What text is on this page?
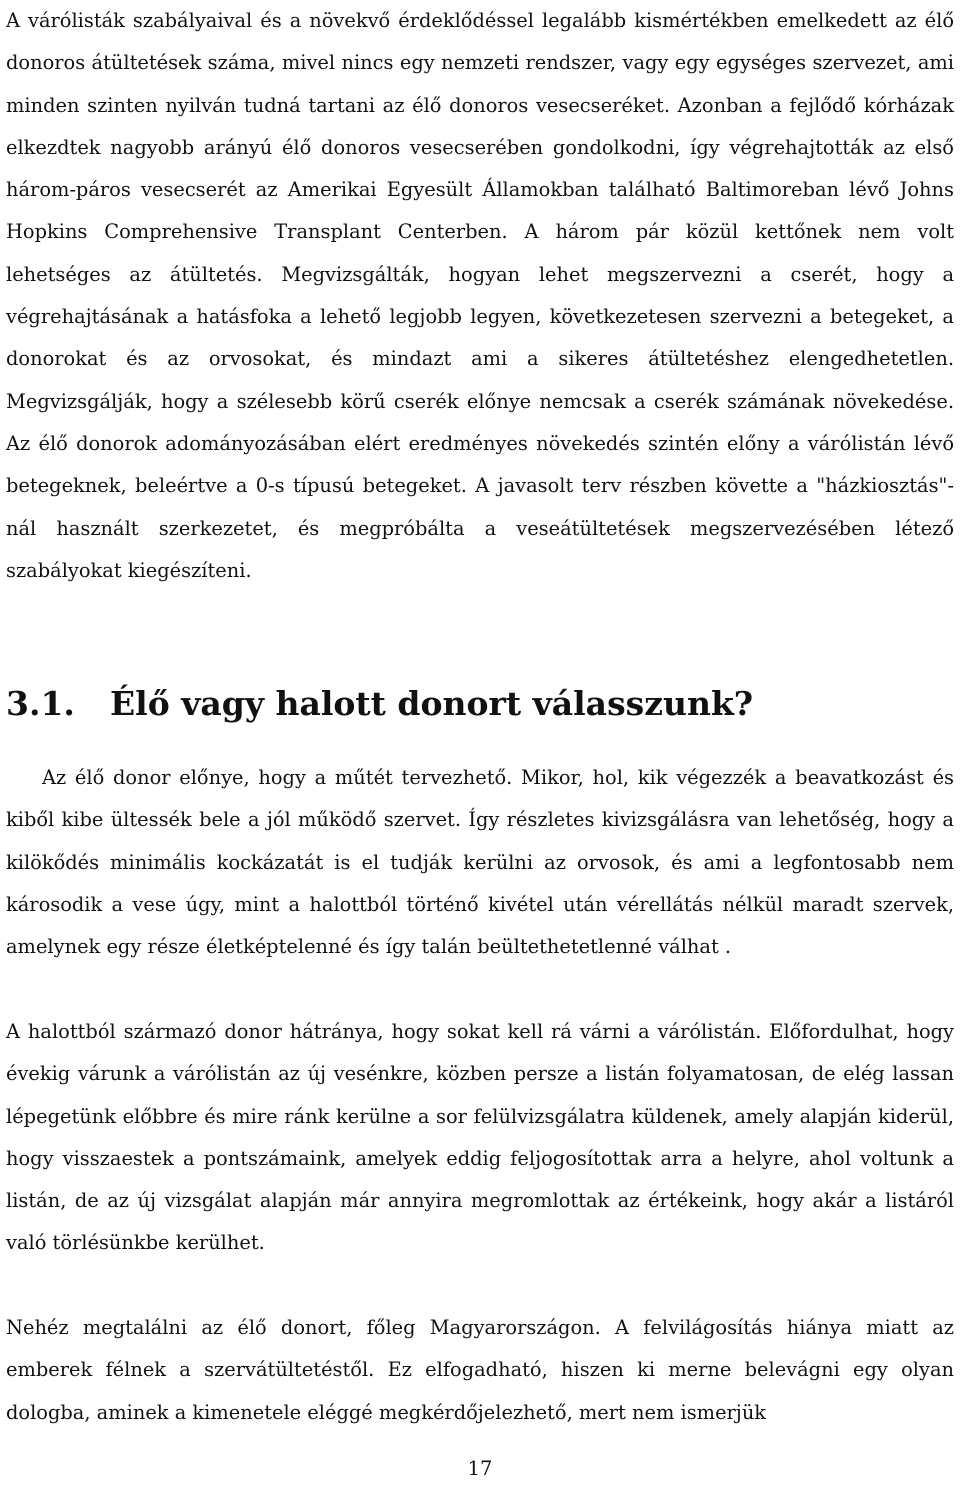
A várólisták szabályaival és a növekvő érdeklődéssel legalább kismértékben emelkedett az élő donoros átültetések száma, mivel nincs egy nemzeti rendszer, vagy egy egységes szervezet, ami minden szinten nyilván tudná tartani az élő donoros vesecseréket. Azonban a fejlődő kórházak elkezdtek nagyobb arányú élő donoros vesecserében gondolkodni, így végrehajtották az első három-páros vesecserét az Amerikai Egyesült Államokban található Baltimoreban lévő Johns Hopkins Comprehensive Transplant Centerben. A három pár közül kettőnek nem volt lehetséges az átültetés. Megvizsgálták, hogyan lehet megszervezni a cserét, hogy a végrehajtásának a hatásfoka a lehető legjobb legyen, következetesen szervezni a betegeket, a donorokat és az orvosokat, és mindazt ami a sikeres átültetéshez elengedhetetlen. Megvizsgálják, hogy a szélesebb körű cserék előnye nemcsak a cserék számának növekedése. Az élő donorok adományozásában elért eredményes növekedés szintén előny a várólistán lévő betegeknek, beleértve a 0-s típusú betegeket. A javasolt terv részben követte a "házkiosztás"-nál használt szerkezetet, és megpróbálta a veseátültetések megszervezésében létező szabályokat kiegészíteni.

3.1. Élő vagy halott donort válasszunk?

Az élő donor előnye, hogy a műtét tervezhető. Mikor, hol, kik végezzék a beavatkozást és kiből kibe ültessék bele a jól működő szervet. Így részletes kivizsgálásra van lehetőség, hogy a kilökődés minimális kockázatát is el tudják kerülni az orvosok, és ami a legfontosabb nem károsodik a vese úgy, mint a halottból történő kivétel után vérellátás nélkül maradt szervek, amelynek egy része életképtelenné és így talán beültethetetlenné válhat .

A halottból származó donor hátránya, hogy sokat kell rá várni a várólistán. Előfordulhat, hogy évekig várunk a várólistán az új vesénkre, közben persze a listán folyamatosan, de elég lassan lépegetünk előbbre és mire ránk kerülne a sor felülvizsgálatra küldenek, amely alapján kiderül, hogy visszaestek a pontszámaink, amelyek eddig feljogosítottak arra a helyre, ahol voltunk a listán, de az új vizsgálat alapján már annyira megromlottak az értékeink, hogy akár a listáról való törlésünkbe kerülhet.

Nehéz megtalálni az élő donort, főleg Magyarországon. A felvilágosítás hiánya miatt az emberek félnek a szervátültetéstől. Ez elfogadható, hiszen ki merne belevágni egy olyan dologba, aminek a kimenetele eléggé megkérdőjelezhető, mert nem ismerjük

17
